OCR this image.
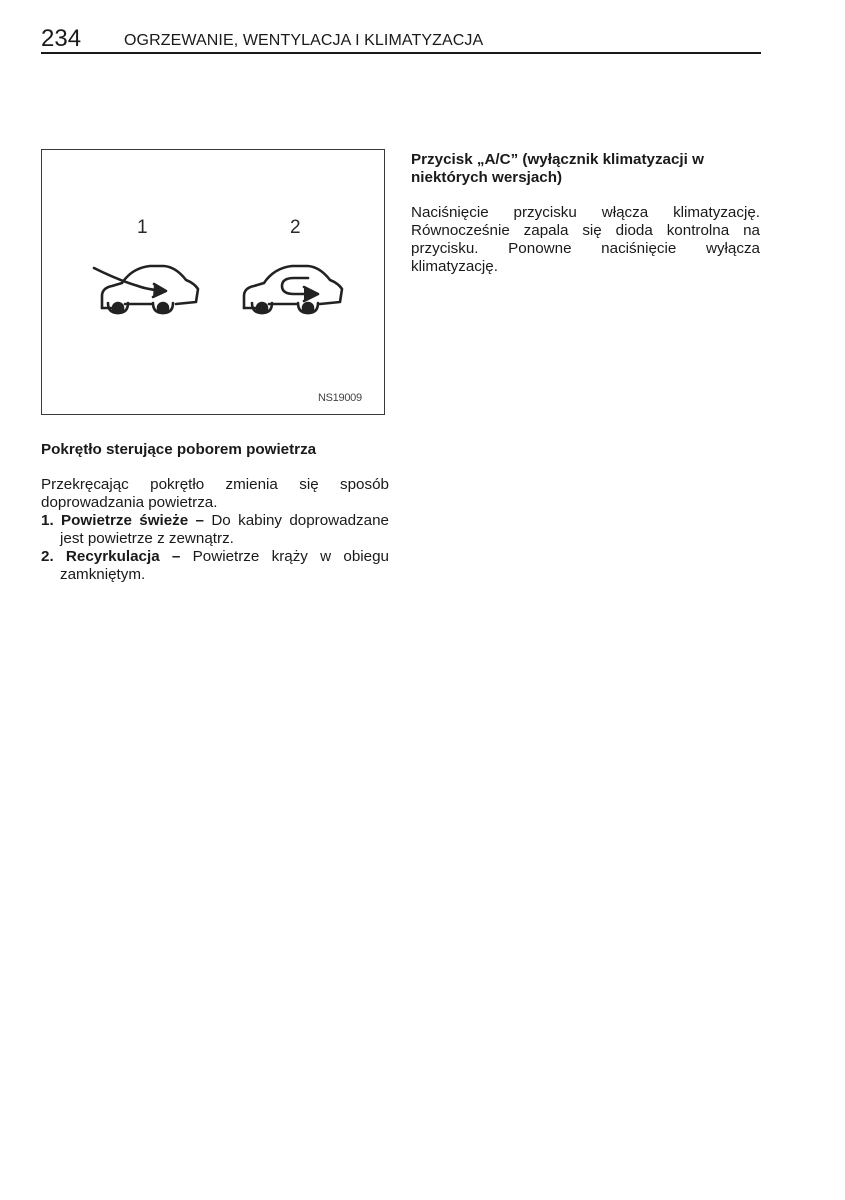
234	OGRZEWANIE, WENTYLACJA I KLIMATYZACJA
1	2
NS19009

Pokrętło sterujące poborem powietrza

Przekręcając pokrętło zmienia się sposób doprowadzania powietrza.

1. Powietrze świeże – Do kabiny doprowadzane jest powietrze z zewnątrz.

2. Recyrkulacja – Powietrze krąży w obiegu zamkniętym.

Przycisk „A/C” (wyłącznik klimatyzacji w niektórych wersjach)

Naciśnięcie przycisku włącza klimatyzację. Równocześnie zapala się dioda kontrolna na przycisku. Ponowne naciśnięcie wyłącza klimatyzację.
